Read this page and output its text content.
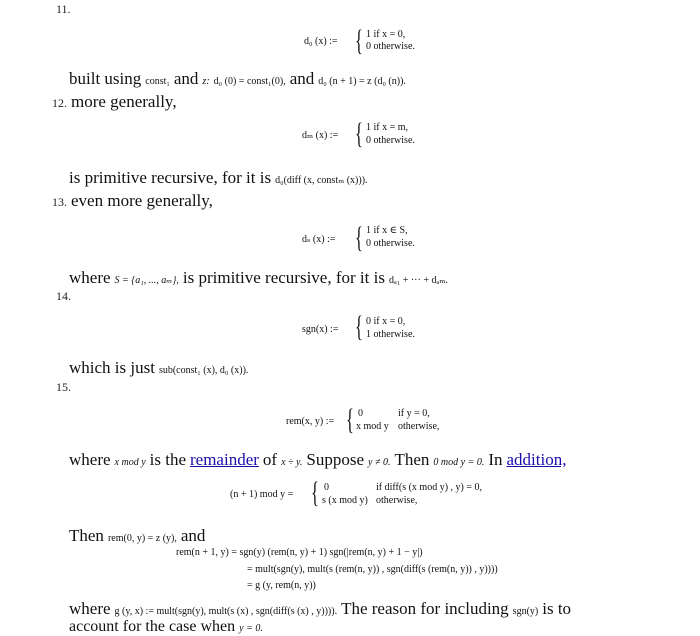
11.
d₀ (x) := { 1 if x = 0,
0 otherwise.
built using const₁ and z: d₀ (0) = const₁(0), and d₀ (n + 1) = z (d₀ (n)).
12. more generally,
dₘ (x) := { 1 if x = m,
0 otherwise.
is primitive recursive, for it is d₀(diff (x, constₘ (x))).
13. even more generally,
dₛ (x) := { 1 if x ∈ S,
0 otherwise.
where S = {a₁, ..., aₘ}, is primitive recursive, for it is dₐ₁ + ··· + dₐₘ.
14.
sgn(x) := { 0 if x = 0,
1 otherwise.
which is just sub(const₁ (x), d₀ (x)).
15.
rem(x, y) := { 0	if y = 0,
x mod y otherwise,
where x mod y is the remainder of x ÷ y. Suppose y ≠ 0. Then 0 mod y = 0. In addition,
(n + 1) mod y = { 0	if diff(s (x mod y) , y) = 0,
s (x mod y) otherwise,
Then rem(0, y) = z (y), and
rem(n + 1, y) = sgn(y) (rem(n, y) + 1) sgn(|rem(n, y) + 1 − y|)
= mult(sgn(y), mult(s (rem(n, y)) , sgn(diff(s (rem(n, y)) , y))))
= g (y, rem(n, y))
where g (y, x) := mult(sgn(y), mult(s (x) , sgn(diff(s (x) , y)))). The reason for including sgn(y) is to
account for the case when y = 0.
